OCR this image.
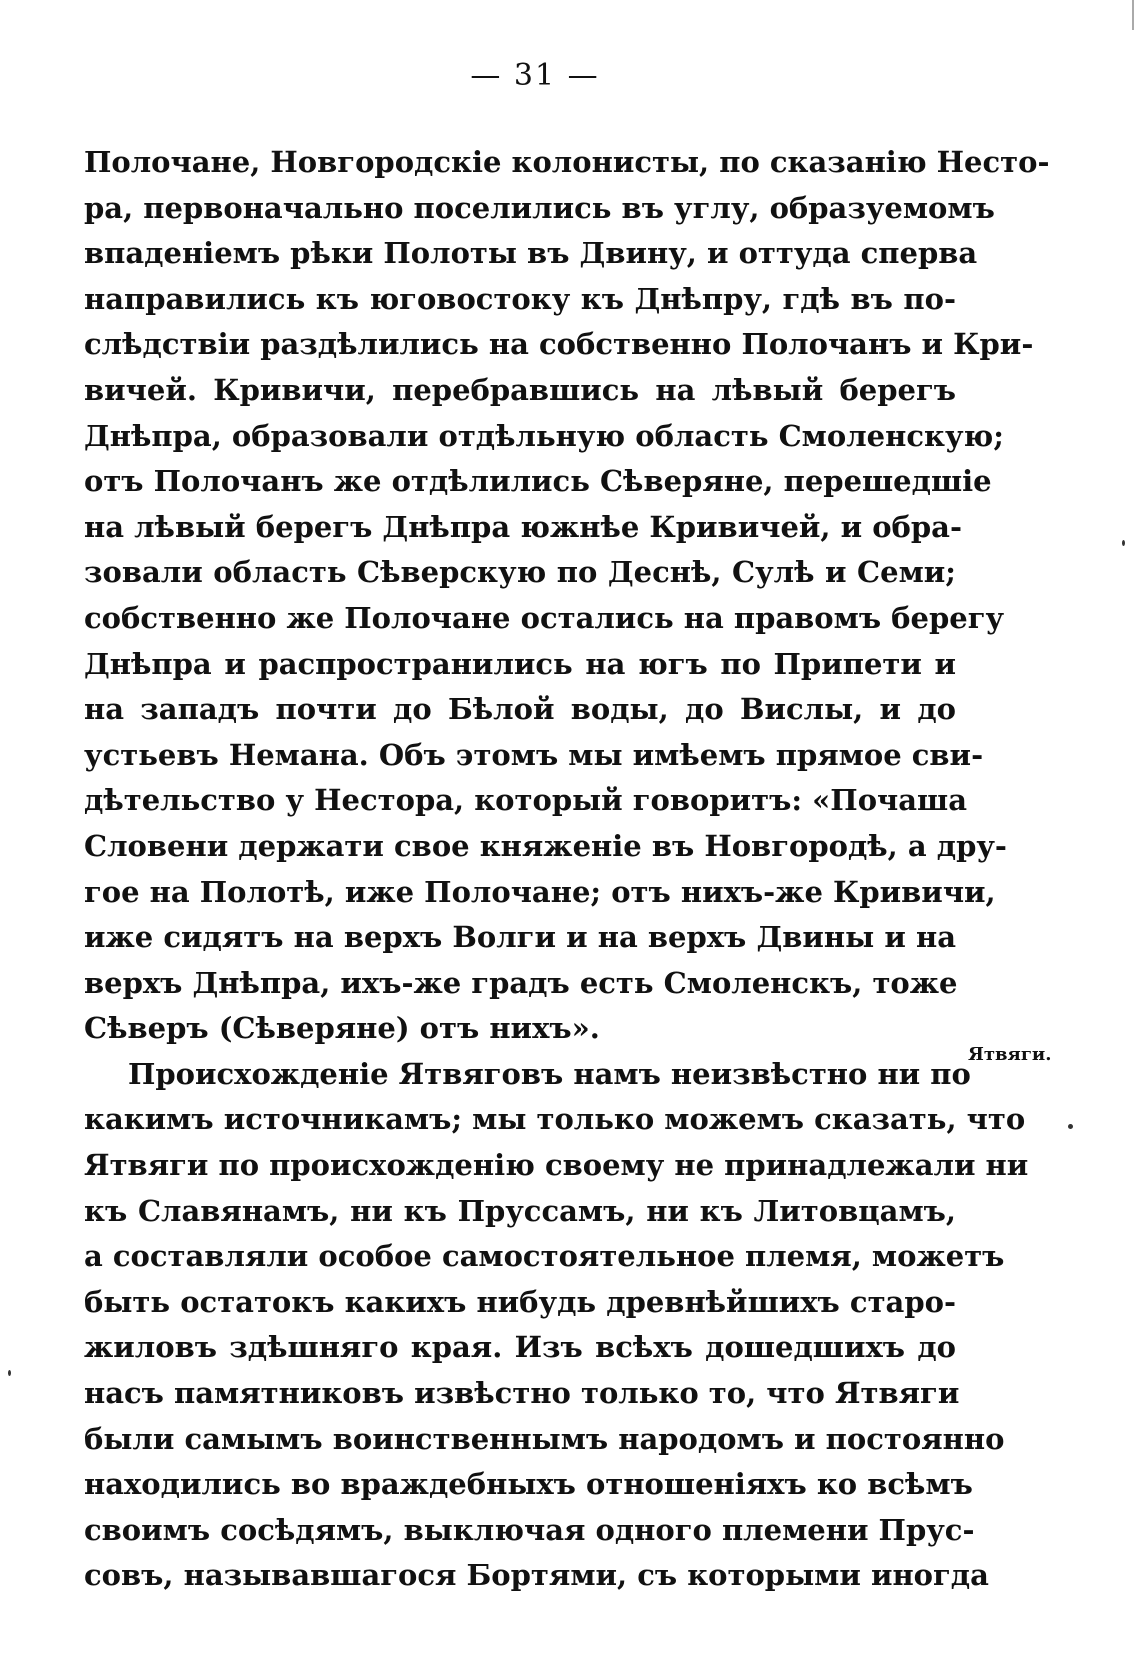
— 31 —
Полочане, Новгородскіе колонисты, по сказанію Несто-
ра, первоначально поселились въ углу, образуемомъ
впаденіемъ рѣки Полоты въ Двину, и оттуда сперва
направились къ юговостоку къ Днѣпру, гдѣ въ по-
слѣдствіи раздѣлились на собственно Полочанъ и Кри-
вичей. Кривичи, перебравшись на лѣвый берегъ
Днѣпра, образовали отдѣльную область Смоленскую;
отъ Полочанъ же отдѣлились Сѣверяне, перешедшіе
на лѣвый берегъ Днѣпра южнѣе Кривичей, и обра-
зовали область Сѣверскую по Деснѣ, Сулѣ и Семи;
собственно же Полочане остались на правомъ берегу
Днѣпра и распространились на югъ по Припети и
на западъ почти до Бѣлой воды, до Вислы, и до
устьевъ Немана. Объ этомъ мы имѣемъ прямое сви-
дѣтельство у Нестора, который говоритъ: «Почаша
Словени держати свое княженіе въ Новгородѣ, а дру-
гое на Полотѣ, иже Полочане; отъ нихъ-же Кривичи,
иже сидятъ на верхъ Волги и на верхъ Двины и на
верхъ Днѣпра, ихъ-же градъ есть Смоленскъ, тоже
Сѣверъ (Сѣверяне) отъ нихъ».
Происхожденіе Ятвяговъ намъ неизвѣстно ни по
какимъ источникамъ; мы только можемъ сказать, что
Ятвяги по происхожденію своему не принадлежали ни
къ Славянамъ, ни къ Пруссамъ, ни къ Литовцамъ,
а составляли особое самостоятельное племя, можетъ
быть остатокъ какихъ нибудь древнѣйшихъ старо-
жиловъ здѣшняго края. Изъ всѣхъ дошедшихъ до
насъ памятниковъ извѣстно только то, что Ятвяги
были самымъ воинственнымъ народомъ и постоянно
находились во враждебныхъ отношеніяхъ ко всѣмъ
своимъ сосѣдямъ, выключая одного племени Прус-
совъ, называвшагося Бортями, съ которыми иногда
Ятвяги.
